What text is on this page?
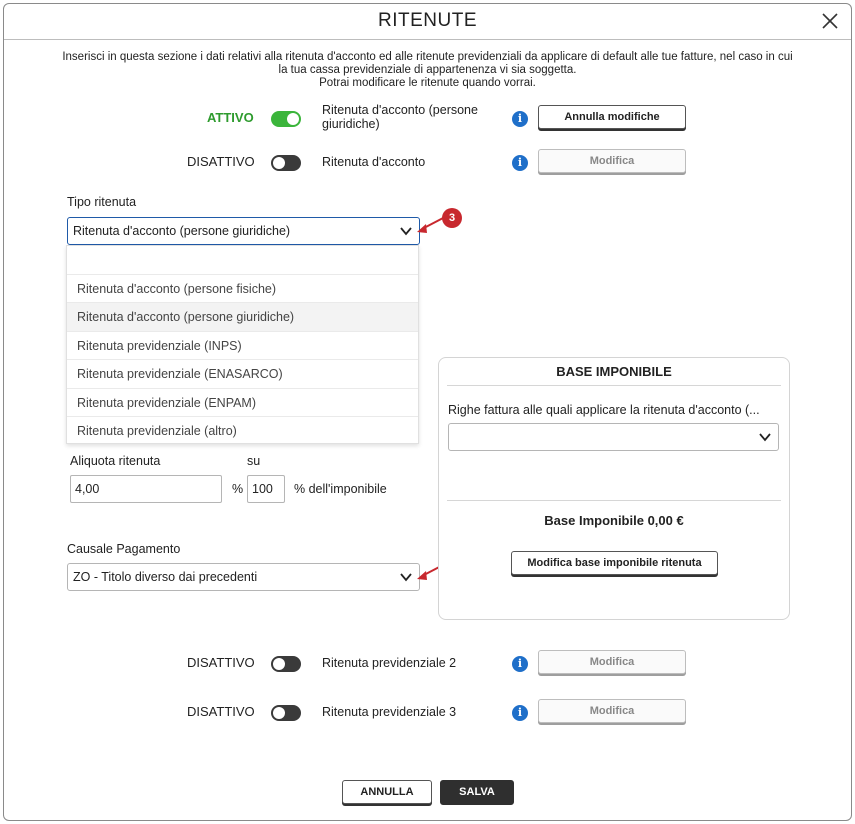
RITENUTE
Inserisci in questa sezione i dati relativi alla ritenuta d'acconto ed alle ritenute previdenziali da applicare di default alle tue fatture, nel caso in cui
la tua cassa previdenziale di appartenenza vi sia soggetta.
Potrai modificare le ritenute quando vorrai.
ATTIVO	Ritenuta d'acconto (persone
giuridiche)	i	Annulla modifiche
DISATTIVO	Ritenuta d'acconto	i	Modifica
Tipo ritenuta
Ritenuta d'acconto (persone giuridiche)
3
Aliquota ritenuta	su
4,00	% 100	% dell'imponibile
Causale Pagamento
ZO - Titolo diverso dai precedenti
BASE IMPONIBILE
Righe fattura alle quali applicare la ritenuta d'acconto (...
Base Imponibile 0,00 €
Modifica base imponibile ritenuta
DISATTIVO	Ritenuta previdenziale 2	i	Modifica
DISATTIVO	Ritenuta previdenziale 3	i	Modifica
ANNULLA	SALVA
Ritenuta d'acconto (persone fisiche)
Ritenuta d'acconto (persone giuridiche)
Ritenuta previdenziale (INPS)
Ritenuta previdenziale (ENASARCO)
Ritenuta previdenziale (ENPAM)
Ritenuta previdenziale (altro)
